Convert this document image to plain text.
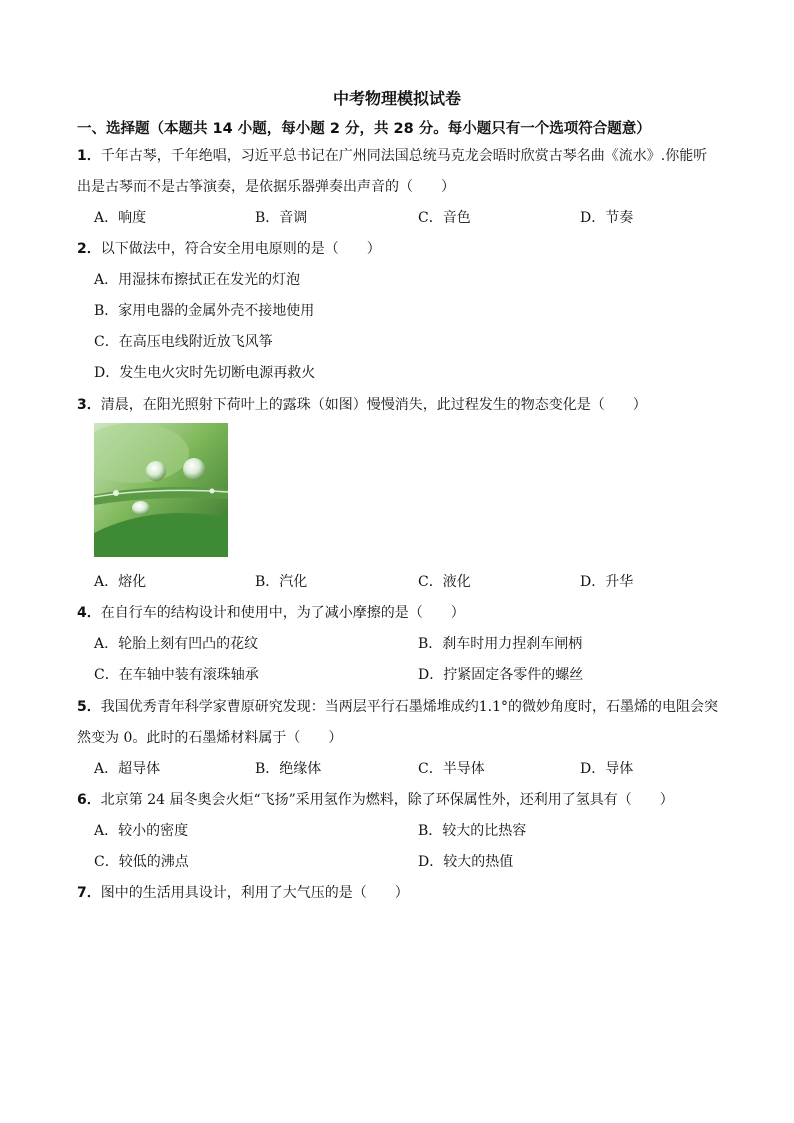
中考物理模拟试卷
一、选择题（本题共 14 小题，每小题 2 分，共 28 分。每小题只有一个选项符合题意）
1．千年古琴，千年绝唱，习近平总书记在广州同法国总统马克龙会晤时欣赏古琴名曲《流水》.你能听
出是古琴而不是古筝演奏，是依据乐器弹奏出声音的（　　）
A．响度	B．音调	C．音色	D．节奏
2．以下做法中，符合安全用电原则的是（　　）
A．用湿抹布擦拭正在发光的灯泡
B．家用电器的金属外壳不接地使用
C．在高压电线附近放飞风筝
D．发生电火灾时先切断电源再救火
3．清晨，在阳光照射下荷叶上的露珠（如图）慢慢消失，此过程发生的物态变化是（　　）
A．熔化	B．汽化	C．液化	D．升华
4．在自行车的结构设计和使用中，为了减小摩擦的是（　　）
A．轮胎上刻有凹凸的花纹	B．刹车时用力捏刹车闸柄
C．在车轴中装有滚珠轴承	D．拧紧固定各零件的螺丝
5．我国优秀青年科学家曹原研究发现：当两层平行石墨烯堆成约1.1°的微妙角度时，石墨烯的电阻会突
然变为 0。此时的石墨烯材料属于（　　）
A．超导体	B．绝缘体	C．半导体	D．导体
6．北京第 24 届冬奥会火炬“飞扬”采用氢作为燃料，除了环保属性外，还利用了氢具有（　　）
A．较小的密度	B．较大的比热容
C．较低的沸点	D．较大的热值
7．图中的生活用具设计，利用了大气压的是（　　）
